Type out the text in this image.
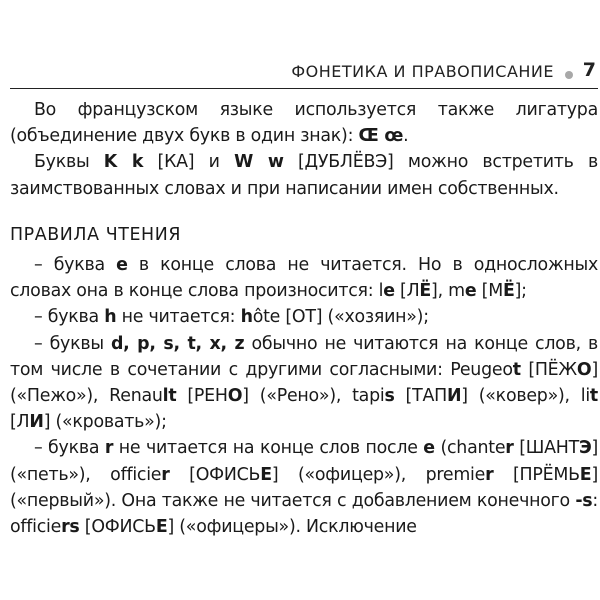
ФОНЕТИКА И ПРАВОПИСАНИЕ 7

Во французском языке используется также лигатура (объединение двух букв в один знак): Œ œ.

Буквы K k [КА] и W w [ДУБЛЁВЭ] можно встретить в заимствованных словах и при написании имен собственных.

ПРАВИЛА ЧТЕНИЯ

– буква e в конце слова не читается. Но в односложных словах она в конце слова произносится: le [ЛЁ], me [МЁ];

– буква h не читается: hôte [ОТ] («хозяин»);

– буквы d, p, s, t, x, z обычно не читаются на конце слов, в том числе в сочетании с другими согласными: Peugeot [ПЁЖО] («Пежо»), Renault [РЕНО] («Рено»), tapis [ТАПИ] («ковер»), lit [ЛИ] («кровать»);

– буква r не читается на конце слов после e (chanter [ШАНТЭ] («петь»), officier [ОФИСЬЕ] («офицер»), premier [ПРЁМЬЕ] («первый»). Она также не читается с добавлением конечного -s: officiers [ОФИСЬЕ] («офицеры»). Исключение
